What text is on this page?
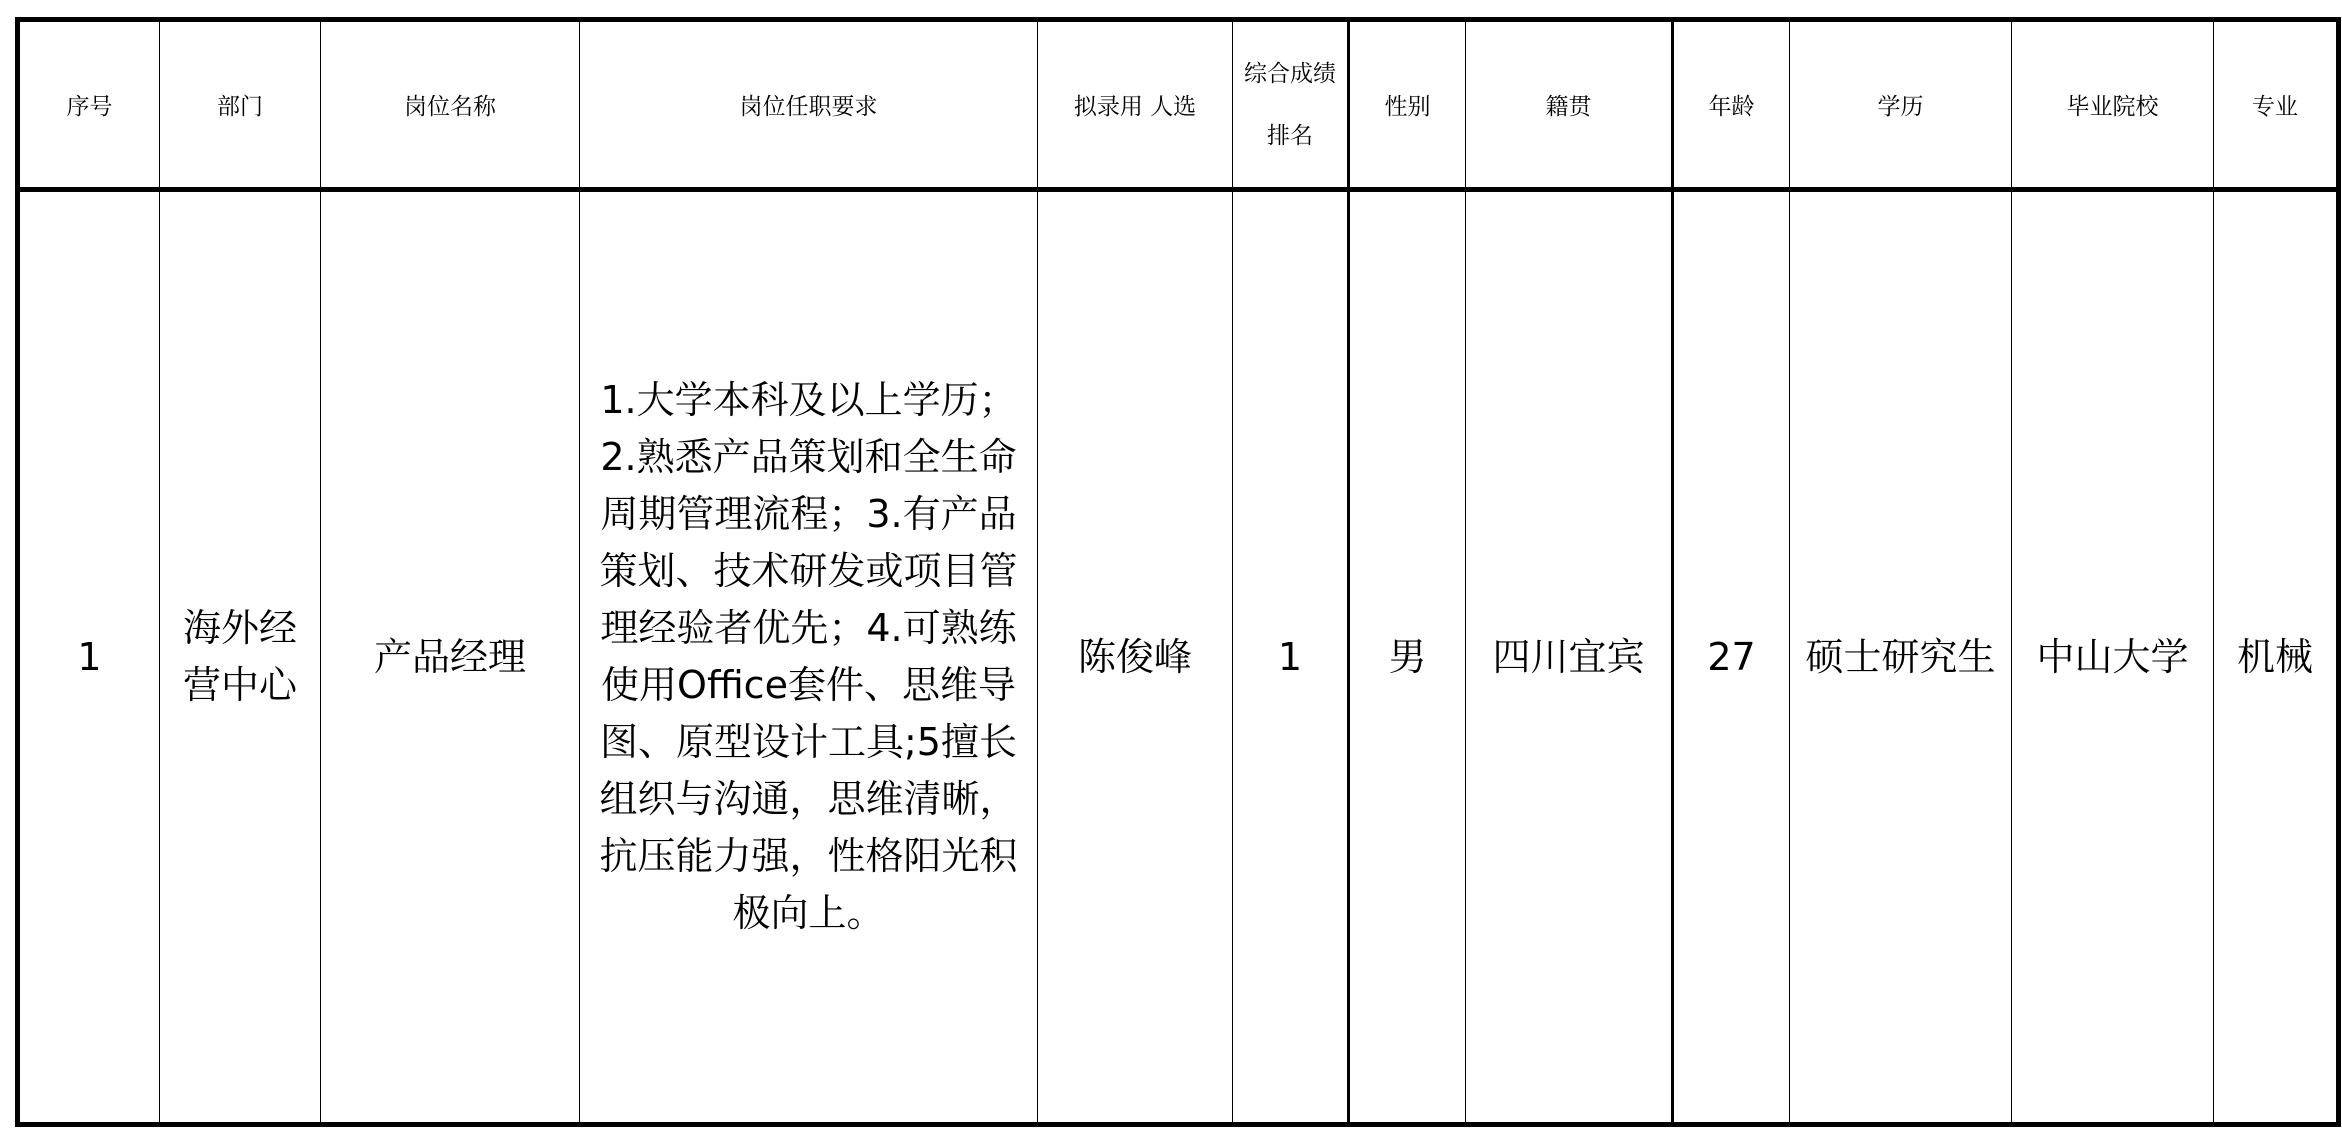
序号	部门	岗位名称	岗位任职要求	拟录用 人选	综合成绩排名	性别	籍贯	年龄	学历	毕业院校	专业
1	海外经营中心	产品经理	1.大学本科及以上学历；2.熟悉产品策划和全生命周期管理流程；3.有产品策划、技术研发或项目管理经验者优先；4.可熟练使用Office套件、思维导图、原型设计工具;5擅长组织与沟通，思维清晰，抗压能力强，性格阳光积极向上。	陈俊峰	1	男	四川宜宾	27	硕士研究生	中山大学	机械
